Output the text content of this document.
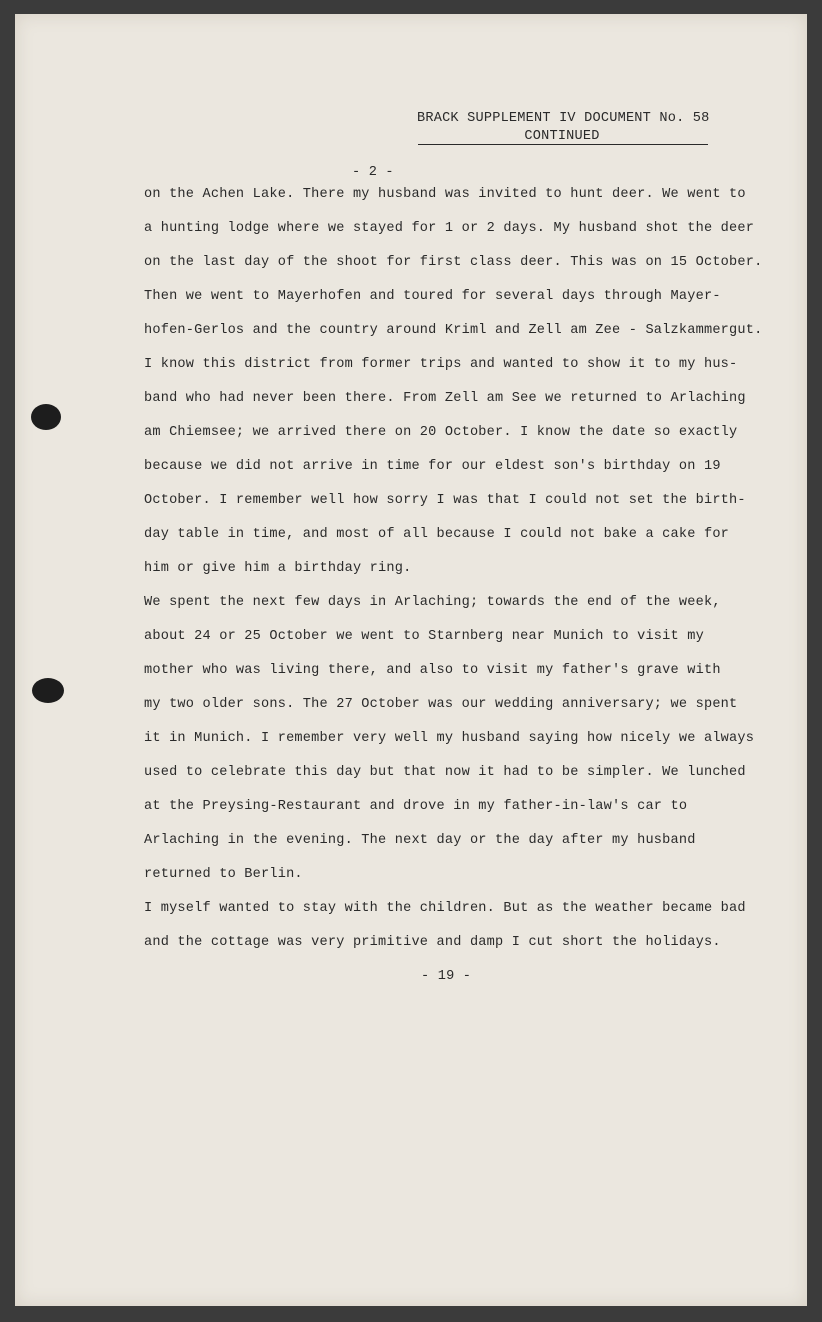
BRACK SUPPLEMENT IV DOCUMENT No. 58
CONTINUED
- 2 -
on the Achen Lake. There my husband was invited to hunt deer. We went to
a hunting lodge where we stayed for 1 or 2 days. My husband shot the deer
on the last day of the shoot for first class deer. This was on 15 October.
Then we went to Mayerhofen and toured for several days through Mayer-
hofen-Gerlos and the country around Kriml and Zell am Zee - Salzkammergut.
I know this district from former trips and wanted to show it to my hus-
band who had never been there. From Zell am See we returned to Arlaching
am Chiemsee; we arrived there on 20 October. I know the date so exactly
because we did not arrive in time for our eldest son's birthday on 19
October. I remember well how sorry I was that I could not set the birth-
day table in time, and most of all because I could not bake a cake for
him or give him a birthday ring.
We spent the next few days in Arlaching; towards the end of the week,
about 24 or 25 October we went to Starnberg near Munich to visit my
mother who was living there, and also to visit my father's grave with
my two older sons. The 27 October was our wedding anniversary; we spent
it in Munich. I remember very well my husband saying how nicely we always
used to celebrate this day but that now it had to be simpler. We lunched
at the Preysing-Restaurant and drove in my father-in-law's car to
Arlaching in the evening. The next day or the day after my husband
returned to Berlin.
I myself wanted to stay with the children. But as the weather became bad
and the cottage was very primitive and damp I cut short the holidays.
- 19 -
